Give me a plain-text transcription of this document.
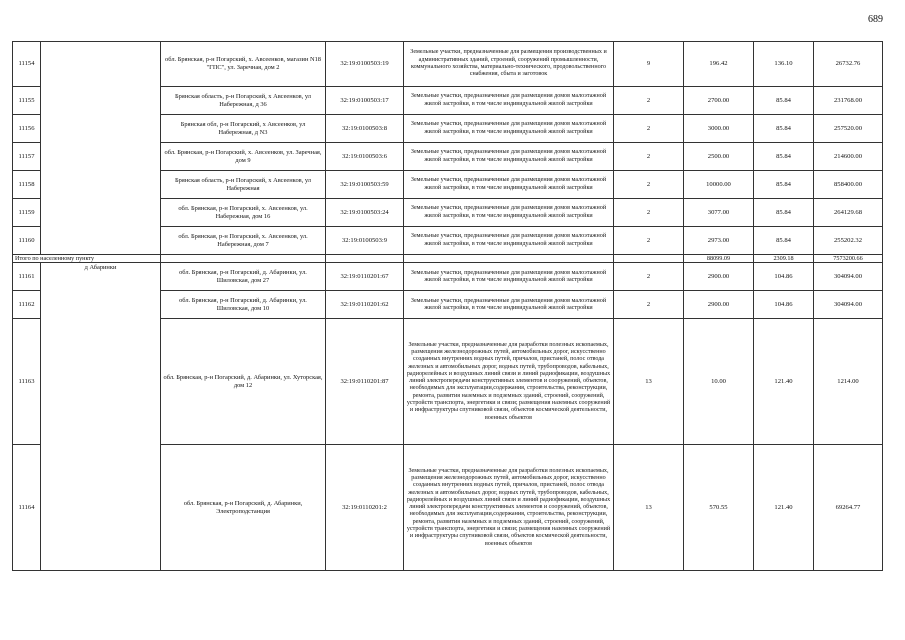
689
11154		обл. Брянская, р-н Погарский, х. Авсеенков, магазин N18 "ГПС", ул. Заречная, дом 2	32:19:0100503:19	Земельные участки, предназначенные для размещения производственных и административных зданий, строений, сооружений промышленности, коммунального хозяйства, материально-технического, продовольственного снабжения, сбыта и заготовок	9	196.42	136.10	26732.76
11155		Брянская область, р-н Погарский, х Авсеенков, ул Набережная, д 36	32:19:0100503:17	Земельные участки, предназначенные для размещения домов малоэтажной жилой застройки, в том числе индивидуальной жилой застройки	2	2700.00	85.84	231768.00
11156		Брянская обл, р-н Погарский, х Авсеенков, ул Набережная, д N3	32:19:0100503:8	Земельные участки, предназначенные для размещения домов малоэтажной жилой застройки, в том числе индивидуальной жилой застройки	2	3000.00	85.84	257520.00
11157		обл. Брянская, р-н Погарский, х. Авсеенков, ул. Заречная, дом 9	32:19:0100503:6	Земельные участки, предназначенные для размещения домов малоэтажной жилой застройки, в том числе индивидуальной жилой застройки	2	2500.00	85.84	214600.00
11158		Брянская область, р-н Погарский, х Авсеенков, ул Набережная	32:19:0100503:59	Земельные участки, предназначенные для размещения домов малоэтажной жилой застройки, в том числе индивидуальной жилой застройки	2	10000.00	85.84	858400.00
11159		обл. Брянская, р-н Погарский, х. Авсеенков, ул. Набережная, дом 16	32:19:0100503:24	Земельные участки, предназначенные для размещения домов малоэтажной жилой застройки, в том числе индивидуальной жилой застройки	2	3077.00	85.84	264129.68
11160		обл. Брянская, р-н Погарский, х. Авсеенков, ул. Набережная, дом 7	32:19:0100503:9	Земельные участки, предназначенные для размещения домов малоэтажной жилой застройки, в том числе индивидуальной жилой застройки	2	2973.00	85.84	255202.32
Итого по населенному пункту						88099.09	2309.18	7573200.66
11161	д Абаринки	обл. Брянская, р-н Погарский, д. Абаринки, ул. Шиловская, дом 27	32:19:0110201:67	Земельные участки, предназначенные для размещения домов малоэтажной жилой застройки, в том числе индивидуальной жилой застройки	2	2900.00	104.86	304094.00
11162		обл. Брянская, р-н Погарский, д. Абаринки, ул. Шиловская, дом 10	32:19:0110201:62	Земельные участки, предназначенные для размещения домов малоэтажной жилой застройки, в том числе индивидуальной жилой застройки	2	2900.00	104.86	304094.00
11163		обл. Брянская, р-н Погарский, д. Абаринки, ул. Хуторская, дом 12	32:19:0110201:87	Земельные участки, предназначенные для разработки полезных ископаемых, размещения железнодорожных путей, автомобильных дорог, искусственно созданных внутренних водных путей, причалов, пристаней, полос отвода железных и автомобильных дорог, водных путей, трубопроводов, кабельных, радиорелейных и воздушных линий связи и линий радиофикации, воздушных линий электропередачи конструктивных элементов и сооружений, объектов, необходимых для эксплуатации,содержания, строительства, реконструкции, ремонта, развития наземных и подземных зданий, строений, сооружений, устройств транспорта, энергетики и связи; размещения наземных сооружений и инфраструктуры спутниковой связи, объектов космической деятельности, военных объектов	13	10.00	121.40	1214.00
11164		обл. Брянская, р-н Погарский, д. Абаринки, Электроподстанция	32:19:0110201:2	Земельные участки, предназначенные для разработки полезных ископаемых, размещения железнодорожных путей, автомобильных дорог, искусственно созданных внутренних водных путей, причалов, пристаней, полос отвода железных и автомобильных дорог, водных путей, трубопроводов, кабельных, радиорелейных и воздушных линий связи и линий радиофикации, воздушных линий электропередачи конструктивных элементов и сооружений, объектов, необходимых для эксплуатации,содержания, строительства, реконструкции, ремонта, развития наземных и подземных зданий, строений, сооружений, устройств транспорта, энергетики и связи; размещения наземных сооружений и инфраструктуры спутниковой связи, объектов космической деятельности, военных объектов	13	570.55	121.40	69264.77
